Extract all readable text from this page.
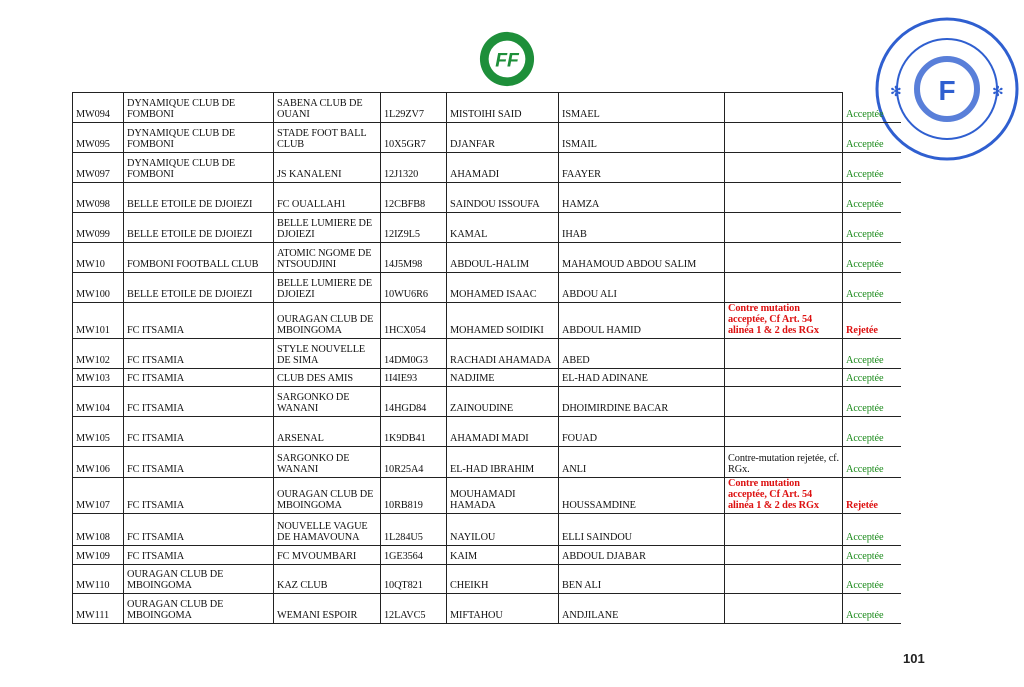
FF
F
✻	✻
MW094	DYNAMIQUE CLUB DE FOMBONI	SABENA CLUB DE OUANI	1L29ZV7	MISTOIHI SAID	ISMAEL		Acceptée
MW095	DYNAMIQUE CLUB DE FOMBONI	STADE FOOT BALL CLUB	10X5GR7	DJANFAR	ISMAIL		Acceptée
MW097	DYNAMIQUE CLUB DE FOMBONI	JS KANALENI	12J1320	AHAMADI	FAAYER		Acceptée
MW098	BELLE ETOILE DE DJOIEZI	FC OUALLAH1	12CBFB8	SAINDOU ISSOUFA	HAMZA		Acceptée
MW099	BELLE ETOILE DE DJOIEZI	BELLE LUMIERE DE DJOIEZI	12IZ9L5	KAMAL	IHAB		Acceptée
MW10	FOMBONI FOOTBALL CLUB	ATOMIC NGOME DE NTSOUDJINI	14J5M98	ABDOUL-HALIM	MAHAMOUD ABDOU SALIM		Acceptée
MW100	BELLE ETOILE DE DJOIEZI	BELLE LUMIERE DE DJOIEZI	10WU6R6	MOHAMED ISAAC	ABDOU ALI		Acceptée
MW101	FC ITSAMIA	OURAGAN CLUB DE MBOINGOMA	1HCX054	MOHAMED SOIDIKI	ABDOUL HAMID	Contre mutation acceptée, Cf Art. 54 alinéa 1 & 2 des RGx	Rejetée
MW102	FC ITSAMIA	STYLE NOUVELLE DE SIMA	14DM0G3	RACHADI AHAMADA	ABED		Acceptée
MW103	FC ITSAMIA	CLUB DES AMIS	1I4IE93	NADJIME	EL-HAD ADINANE		Acceptée
MW104	FC ITSAMIA	SARGONKO DE WANANI	14HGD84	ZAINOUDINE	DHOIMIRDINE BACAR		Acceptée
MW105	FC ITSAMIA	ARSENAL	1K9DB41	AHAMADI MADI	FOUAD		Acceptée
MW106	FC ITSAMIA	SARGONKO DE WANANI	10R25A4	EL-HAD IBRAHIM	ANLI	Contre-mutation rejetée, cf. RGx.	Acceptée
MW107	FC ITSAMIA	OURAGAN CLUB DE MBOINGOMA	10RB819	MOUHAMADI HAMADA	HOUSSAMDINE	Contre mutation acceptée, Cf Art. 54 alinéa 1 & 2 des RGx	Rejetée
MW108	FC ITSAMIA	NOUVELLE VAGUE DE HAMAVOUNA	1L284U5	NAYILOU	ELLI SAINDOU		Acceptée
MW109	FC ITSAMIA	FC MVOUMBARI	1GE3564	KAIM	ABDOUL DJABAR		Acceptée
MW110	OURAGAN CLUB DE MBOINGOMA	KAZ CLUB	10QT821	CHEIKH	BEN ALI		Acceptée
MW111	OURAGAN CLUB DE MBOINGOMA	WEMANI ESPOIR	12LAVC5	MIFTAHOU	ANDJILANE		Acceptée
101
